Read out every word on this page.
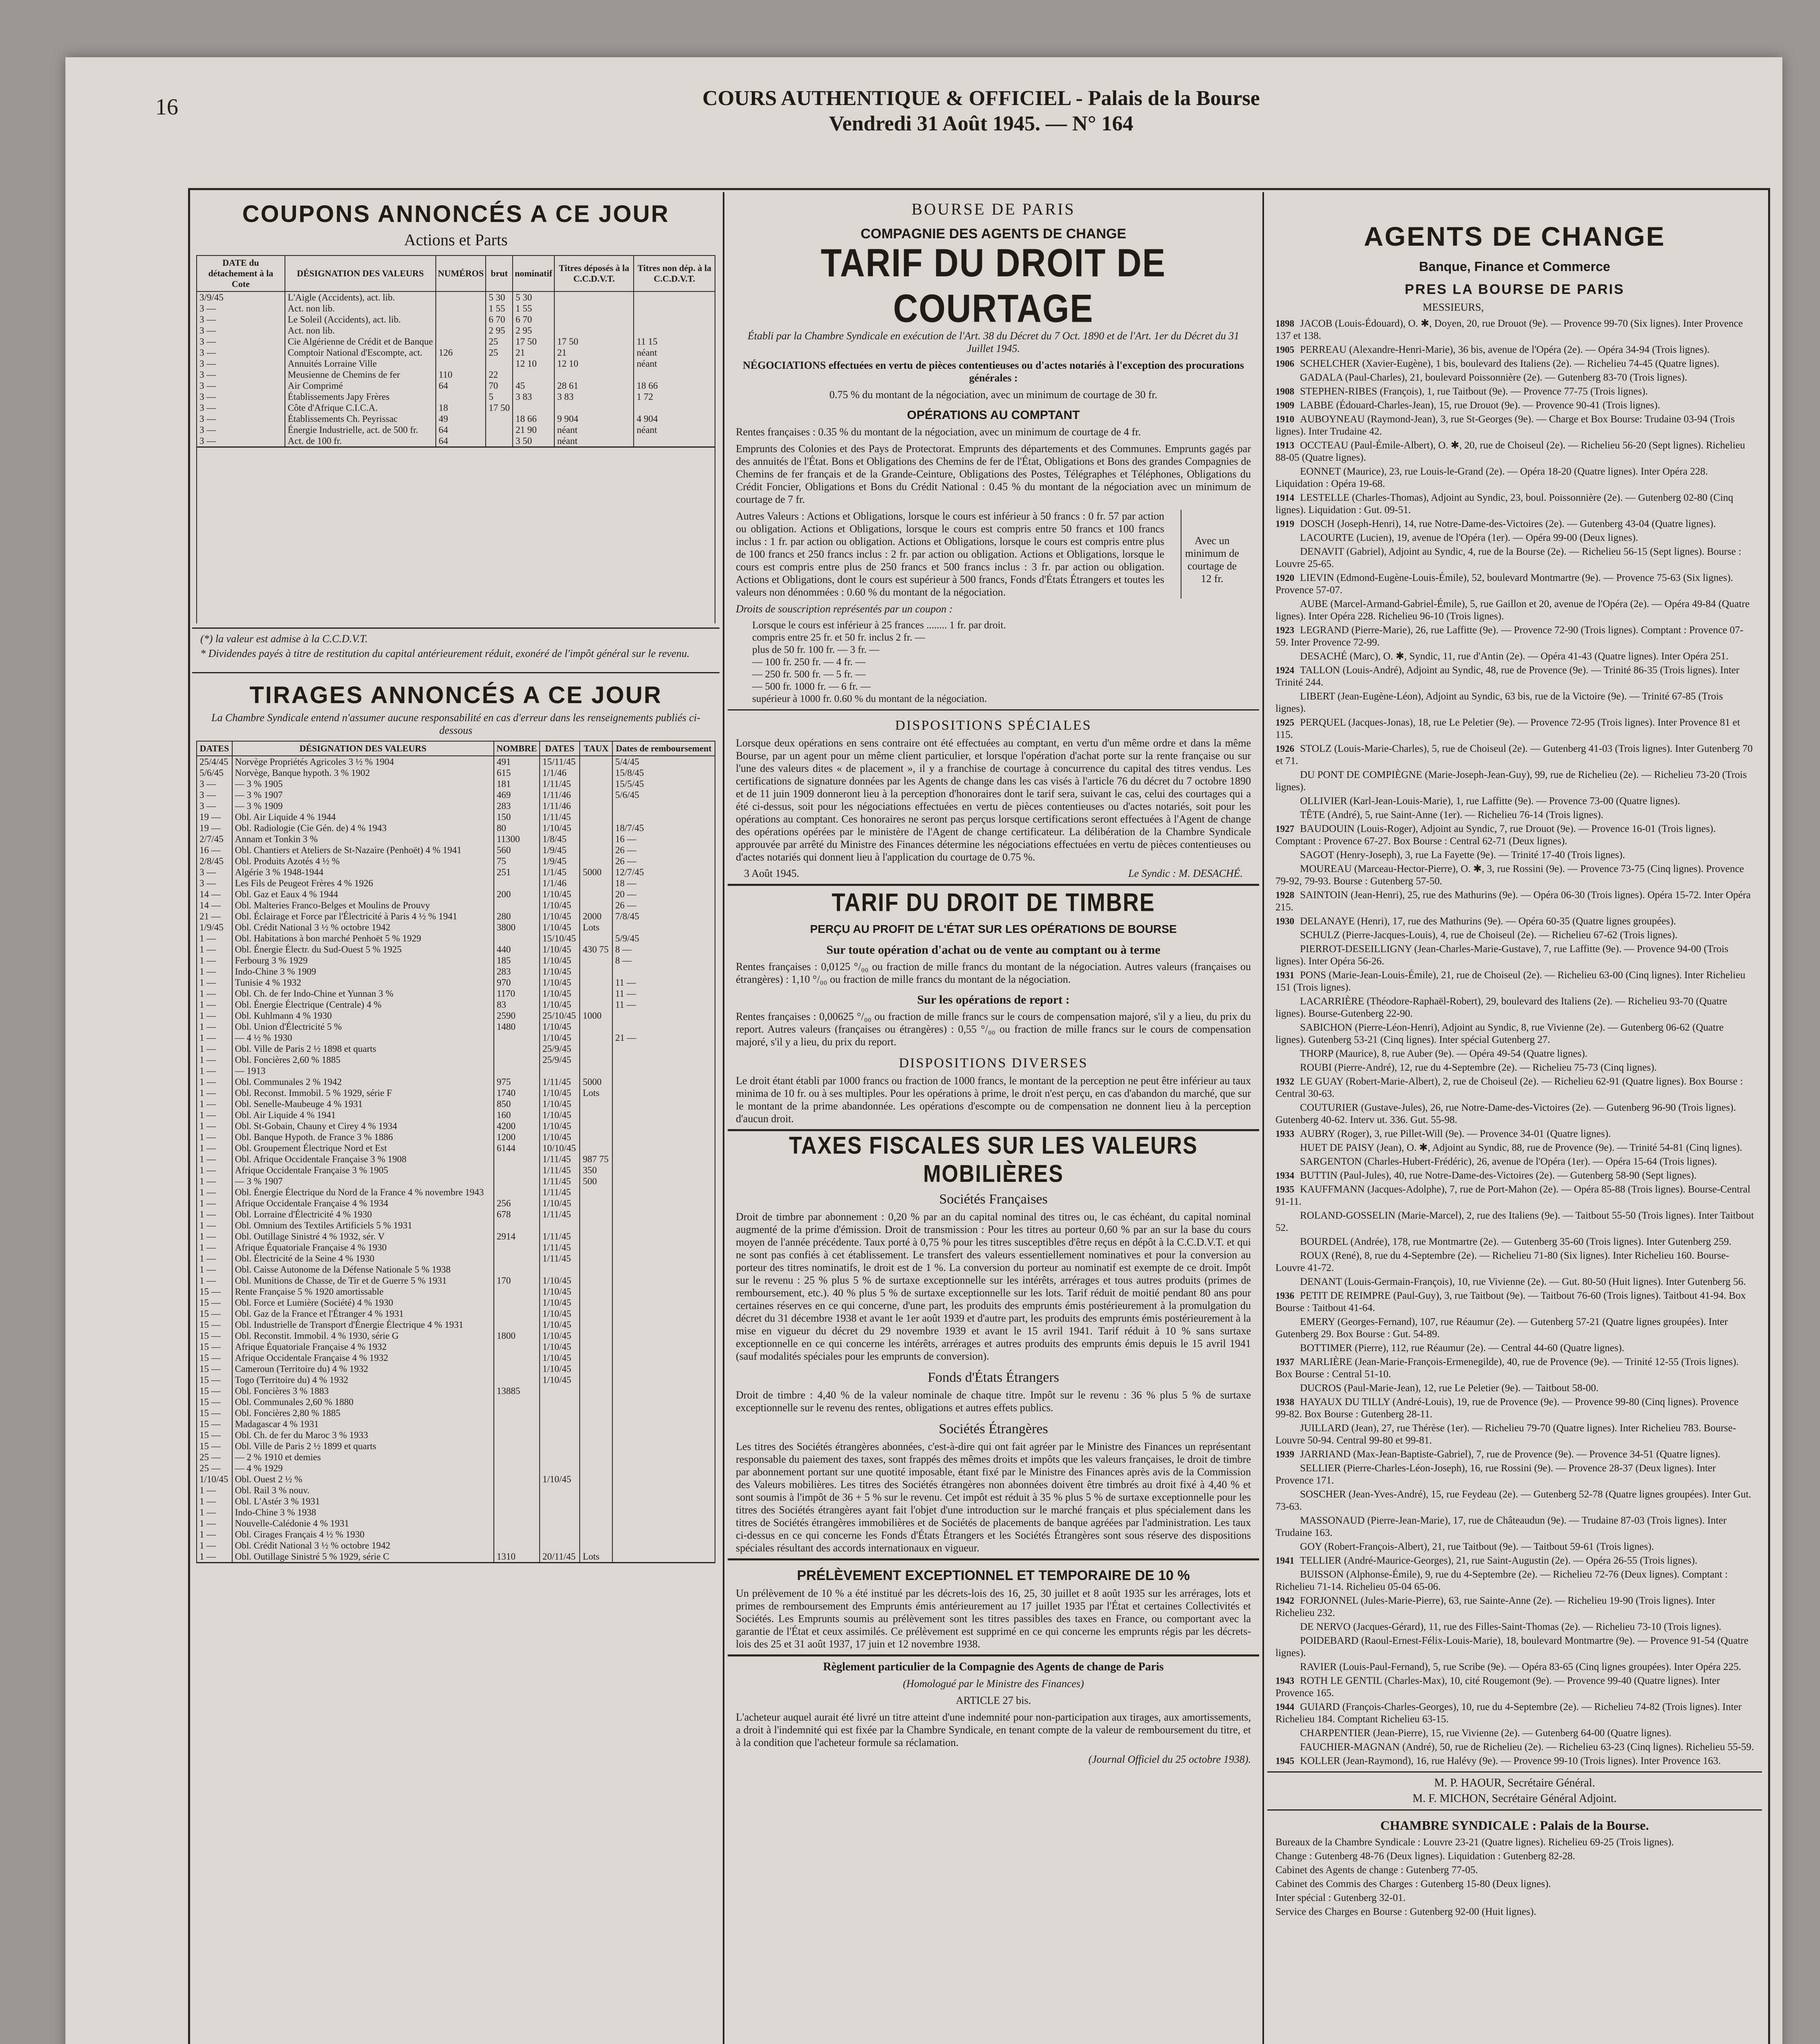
16	COURS AUTHENTIQUE & OFFICIEL - Palais de la Bourse
Vendredi 31 Août 1945. — N° 164
COUPONS ANNONCÉS A CE JOUR
Actions et Parts
DATE du détachement à la Cote	DÉSIGNATION DES VALEURS	NUMÉROS	brut	nominatif	Titres déposés à la C.C.D.V.T.	Titres non dép. à la C.C.D.V.T.
3/9/45	L'Aigle (Accidents), act. lib.		5 30	5 30		
3 —	Act. non lib.		1 55	1 55		
3 —	Le Soleil (Accidents), act. lib.		6 70	6 70		
3 —	Act. non lib.		2 95	2 95		
3 —	Cie Algérienne de Crédit et de Banque		25	17 50	17 50	11 15
3 —	Comptoir National d'Escompte, act.	126	25	21	21	néant
3 —	Annuités Lorraine Ville			12 10	12 10	néant
3 —	Meusienne de Chemins de fer	110	22			
3 —	Air Comprimé	64	70	45	28 61	18 66
3 —	Établissements Japy Frères		5	3 83	3 83	1 72
3 —	Côte d'Afrique C.I.C.A.	18	17 50			
3 —	Établissements Ch. Peyrissac	49		18 66	9 904	4 904
3 —	Énergie Industrielle, act. de 500 fr.	64		21 90	néant	néant
3 —	Act. de 100 fr.	64		3 50	néant	
(*) la valeur est admise à la C.C.D.V.T.
* Dividendes payés à titre de restitution du capital antérieurement réduit, exonéré de l'impôt général sur le revenu.
TIRAGES ANNONCÉS A CE JOUR
La Chambre Syndicale entend n'assumer aucune responsabilité en cas d'erreur dans les renseignements publiés ci-dessous
DATES	DÉSIGNATION DES VALEURS	NOMBRE	DATES	TAUX	Dates de remboursement
25/4/45	Norvège Propriétés Agricoles 3 ½ % 1904	491	15/11/45		5/4/45
5/6/45	Norvège, Banque hypoth. 3 % 1902	615	1/1/46		15/8/45
3 —	— 3 % 1905	181	1/11/45		15/5/45
3 —	— 3 % 1907	469	1/11/46		5/6/45
3 —	— 3 % 1909	283	1/11/46		
19 —	Obl. Air Liquide 4 % 1944	150	1/11/45		
19 —	Obl. Radiologie (Cie Gén. de) 4 % 1943	80	1/10/45		18/7/45
2/7/45	Annam et Tonkin 3 %	11300	1/8/45		16 —
16 —	Obl. Chantiers et Ateliers de St-Nazaire (Penhoët) 4 % 1941	560	1/9/45		26 —
2/8/45	Obl. Produits Azotés 4 ½ %	75	1/9/45		26 —
3 —	Algérie 3 % 1948-1944	251	1/1/45	5000	12/7/45
3 —	Les Fils de Peugeot Frères 4 % 1926		1/1/46		18 —
14 —	Obl. Gaz et Eaux 4 % 1944	200	1/10/45		20 —
14 —	Obl. Malteries Franco-Belges et Moulins de Prouvy		1/10/45		26 —
21 —	Obl. Éclairage et Force par l'Électricité à Paris 4 ½ % 1941	280	1/10/45	2000	7/8/45
1/9/45	Obl. Crédit National 3 ½ % octobre 1942	3800	1/10/45	Lots	
1 —	Obl. Habitations à bon marché Penhoët 5 % 1929		15/10/45		5/9/45
1 —	Obl. Énergie Électr. du Sud-Ouest 5 % 1925	440	1/10/45	430 75	8 —
1 —	Ferbourg 3 % 1929	185	1/10/45		8 —
1 —	Indo-Chine 3 % 1909	283	1/10/45		
1 —	Tunisie 4 % 1932	970	1/10/45		11 —
1 —	Obl. Ch. de fer Indo-Chine et Yunnan 3 %	1170	1/10/45		11 —
1 —	Obl. Énergie Électrique (Centrale) 4 %	83	1/10/45		11 —
1 —	Obl. Kuhlmann 4 % 1930	2590	25/10/45	1000	
1 —	Obl. Union d'Électricité 5 %	1480	1/10/45		
1 —	— 4 ½ % 1930		1/10/45		21 —
1 —	Obl. Ville de Paris 2 ½ 1898 et quarts		25/9/45		
1 —	Obl. Foncières 2,60 % 1885		25/9/45		
1 —	— 1913				
1 —	Obl. Communales 2 % 1942	975	1/11/45	5000	
1 —	Obl. Reconst. Immobil. 5 % 1929, série F	1740	1/10/45	Lots	
1 —	Obl. Senelle-Maubeuge 4 % 1931	850	1/10/45		
1 —	Obl. Air Liquide 4 % 1941	160	1/10/45		
1 —	Obl. St-Gobain, Chauny et Cirey 4 % 1934	4200	1/10/45		
1 —	Obl. Banque Hypoth. de France 3 % 1886	1200	1/10/45		
1 —	Obl. Groupement Électrique Nord et Est	6144	10/10/45		
1 —	Obl. Afrique Occidentale Française 3 % 1908		1/11/45	987 75	
1 —	Afrique Occidentale Française 3 % 1905		1/11/45	350	
1 —	— 3 % 1907		1/11/45	500	
1 —	Obl. Énergie Électrique du Nord de la France 4 % novembre 1943		1/11/45		
1 —	Afrique Occidentale Française 4 % 1934	256	1/10/45		
1 —	Obl. Lorraine d'Électricité 4 % 1930	678	1/11/45		
1 —	Obl. Omnium des Textiles Artificiels 5 % 1931				
1 —	Obl. Outillage Sinistré 4 % 1932, sér. V	2914	1/11/45		
1 —	Afrique Équatoriale Française 4 % 1930		1/11/45		
1 —	Obl. Électricité de la Seine 4 % 1930		1/11/45		
1 —	Obl. Caisse Autonome de la Défense Nationale 5 % 1938				
1 —	Obl. Munitions de Chasse, de Tir et de Guerre 5 % 1931	170	1/10/45		
15 —	Rente Française 5 % 1920 amortissable		1/10/45		
15 —	Obl. Force et Lumière (Société) 4 % 1930		1/10/45		
15 —	Obl. Gaz de la France et l'Étranger 4 % 1931		1/10/45		
15 —	Obl. Industrielle de Transport d'Énergie Électrique 4 % 1931		1/10/45		
15 —	Obl. Reconstit. Immobil. 4 % 1930, série G	1800	1/10/45		
15 —	Afrique Équatoriale Française 4 % 1932		1/10/45		
15 —	Afrique Occidentale Française 4 % 1932		1/10/45		
15 —	Cameroun (Territoire du) 4 % 1932		1/10/45		
15 —	Togo (Territoire du) 4 % 1932		1/10/45		
15 —	Obl. Foncières 3 % 1883	13885			
15 —	Obl. Communales 2,60 % 1880				
15 —	Obl. Foncières 2,80 % 1885				
15 —	Madagascar 4 % 1931				
15 —	Obl. Ch. de fer du Maroc 3 % 1933				
15 —	Obl. Ville de Paris 2 ½ 1899 et quarts				
25 —	— 2 % 1910 et demies				
25 —	— 4 % 1929				
1/10/45	Obl. Ouest 2 ½ %		1/10/45		
1 —	Obl. Rail 3 % nouv.				
1 —	Obl. L'Astér 3 % 1931				
1 —	Indo-Chine 3 % 1938				
1 —	Nouvelle-Calédonie 4 % 1931				
1 —	Obl. Cirages Français 4 ½ % 1930				
1 —	Obl. Crédit National 3 ½ % octobre 1942				
1 —	Obl. Outillage Sinistré 5 % 1929, série C	1310	20/11/45	Lots	
BOURSE DE PARIS
COMPAGNIE DES AGENTS DE CHANGE
TARIF DU DROIT DE COURTAGE
Établi par la Chambre Syndicale en exécution de l'Art. 38 du Décret du 7 Oct. 1890 et de l'Art. 1er du Décret du 31 Juillet 1945.
NÉGOCIATIONS effectuées en vertu de pièces contentieuses ou d'actes notariés à l'exception des procurations générales :
0.75 % du montant de la négociation, avec un minimum de courtage de 30 fr.
OPÉRATIONS AU COMPTANT
Rentes françaises : 0.35 % du montant de la négociation, avec un minimum de courtage de 4 fr.
Emprunts des Colonies et des Pays de Protectorat. Emprunts des départements et des Communes. Emprunts gagés par des annuités de l'État. Bons et Obligations des Chemins de fer de l'État, Obligations et Bons des grandes Compagnies de Chemins de fer français et de la Grande-Ceinture, Obligations des Postes, Télégraphes et Téléphones, Obligations du Crédit Foncier, Obligations et Bons du Crédit National : 0.45 % du montant de la négociation avec un minimum de courtage de 7 fr.
Autres Valeurs : Actions et Obligations, lorsque le cours est inférieur à 50 francs : 0 fr. 57 par action ou obligation. Actions et Obligations, lorsque le cours est compris entre 50 francs et 100 francs inclus : 1 fr. par action ou obligation. Actions et Obligations, lorsque le cours est compris entre plus de 100 francs et 250 francs inclus : 2 fr. par action ou obligation. Actions et Obligations, lorsque le cours est compris entre plus de 250 francs et 500 francs inclus : 3 fr. par action ou obligation. Actions et Obligations, dont le cours est supérieur à 500 francs, Fonds d'États Étrangers et toutes les valeurs non dénommées : 0.60 % du montant de la négociation.
Avec un minimum de courtage de 12 fr.
Droits de souscription représentés par un coupon :
Lorsque le cours est inférieur à 25 frances ........ 1 fr. par droit.
compris entre 25 fr. et 50 fr. inclus 2 fr. —
plus de 50 fr. 100 fr. — 3 fr. —
— 100 fr. 250 fr. — 4 fr. —
— 250 fr. 500 fr. — 5 fr. —
— 500 fr. 1000 fr. — 6 fr. —
supérieur à 1000 fr. 0.60 % du montant de la négociation.
DISPOSITIONS SPÉCIALES
Lorsque deux opérations en sens contraire ont été effectuées au comptant, en vertu d'un même ordre et dans la même Bourse, par un agent pour un même client particulier, et lorsque l'opération d'achat porte sur la rente française ou sur l'une des valeurs dites « de placement », il y a franchise de courtage à concurrence du capital des titres vendus. Les certifications de signature données par les Agents de change dans les cas visés à l'article 76 du décret du 7 octobre 1890 et de 11 juin 1909 donneront lieu à la perception d'honoraires dont le tarif sera, suivant le cas, celui des courtages qui a été ci-dessus, soit pour les négociations effectuées en vertu de pièces contentieuses ou d'actes notariés, soit pour les opérations au comptant. Ces honoraires ne seront pas perçus lorsque certifications seront effectuées à l'Agent de change des opérations opérées par le ministère de l'Agent de change certificateur. La délibération de la Chambre Syndicale approuvée par arrêté du Ministre des Finances détermine les négociations effectuées en vertu de pièces contentieuses ou d'actes notariés qui donnent lieu à l'application du courtage de 0.75 %.
3 Août 1945.	Le Syndic : M. DESACHÉ.
TARIF DU DROIT DE TIMBRE
PERÇU AU PROFIT DE L'ÉTAT SUR LES OPÉRATIONS DE BOURSE
Sur toute opération d'achat ou de vente au comptant ou à terme
Rentes françaises : 0,0125 °/₀₀ ou fraction de mille francs du montant de la négociation. Autres valeurs (françaises ou étrangères) : 1,10 °/₀₀ ou fraction de mille francs du montant de la négociation.
Sur les opérations de report :
Rentes françaises : 0,00625 °/₀₀ ou fraction de mille francs sur le cours de compensation majoré, s'il y a lieu, du prix du report. Autres valeurs (françaises ou étrangères) : 0,55 °/₀₀ ou fraction de mille francs sur le cours de compensation majoré, s'il y a lieu, du prix du report.
DISPOSITIONS DIVERSES
Le droit étant établi par 1000 francs ou fraction de 1000 francs, le montant de la perception ne peut être inférieur au taux minima de 10 fr. ou à ses multiples. Pour les opérations à prime, le droit n'est perçu, en cas d'abandon du marché, que sur le montant de la prime abandonnée. Les opérations d'escompte ou de compensation ne donnent lieu à la perception d'aucun droit.
TAXES FISCALES SUR LES VALEURS MOBILIÈRES
Sociétés Françaises
Droit de timbre par abonnement : 0,20 % par an du capital nominal des titres ou, le cas échéant, du capital nominal augmenté de la prime d'émission. Droit de transmission : Pour les titres au porteur 0,60 % par an sur la base du cours moyen de l'année précédente. Taux porté à 0,75 % pour les titres susceptibles d'être reçus en dépôt à la C.C.D.V.T. et qui ne sont pas confiés à cet établissement. Le transfert des valeurs essentiellement nominatives et pour la conversion au porteur des titres nominatifs, le droit est de 1 %. La conversion du porteur au nominatif est exempte de ce droit. Impôt sur le revenu : 25 % plus 5 % de surtaxe exceptionnelle sur les intérêts, arrérages et tous autres produits (primes de remboursement, etc.). 40 % plus 5 % de surtaxe exceptionnelle sur les lots. Tarif réduit de moitié pendant 80 ans pour certaines réserves en ce qui concerne, d'une part, les produits des emprunts émis postérieurement à la promulgation du décret du 31 décembre 1938 et avant le 1er août 1939 et d'autre part, les produits des emprunts émis postérieurement à la mise en vigueur du décret du 29 novembre 1939 et avant le 15 avril 1941. Tarif réduit à 10 % sans surtaxe exceptionnelle en ce qui concerne les intérêts, arrérages et autres produits des emprunts émis depuis le 15 avril 1941 (sauf modalités spéciales pour les emprunts de conversion).
Fonds d'États Étrangers
Droit de timbre : 4,40 % de la valeur nominale de chaque titre. Impôt sur le revenu : 36 % plus 5 % de surtaxe exceptionnelle sur le revenu des rentes, obligations et autres effets publics.
Sociétés Étrangères
Les titres des Sociétés étrangères abonnées, c'est-à-dire qui ont fait agréer par le Ministre des Finances un représentant responsable du paiement des taxes, sont frappés des mêmes droits et impôts que les valeurs françaises, le droit de timbre par abonnement portant sur une quotité imposable, étant fixé par le Ministre des Finances après avis de la Commission des Valeurs mobilières. Les titres des Sociétés étrangères non abonnées doivent être timbrés au droit fixé à 4,40 % et sont soumis à l'impôt de 36 + 5 % sur le revenu. Cet impôt est réduit à 35 % plus 5 % de surtaxe exceptionnelle pour les titres des Sociétés étrangères ayant fait l'objet d'une introduction sur le marché français et plus spécialement dans les titres de Sociétés étrangères immobilières et de Sociétés de placements de banque agréées par l'administration. Les taux ci-dessus en ce qui concerne les Fonds d'États Étrangers et les Sociétés Étrangères sont sous réserve des dispositions spéciales résultant des accords internationaux en vigueur.
PRÉLÈVEMENT EXCEPTIONNEL ET TEMPORAIRE DE 10 %
Un prélèvement de 10 % a été institué par les décrets-lois des 16, 25, 30 juillet et 8 août 1935 sur les arrérages, lots et primes de remboursement des Emprunts émis antérieurement au 17 juillet 1935 par l'État et certaines Collectivités et Sociétés. Les Emprunts soumis au prélèvement sont les titres passibles des taxes en France, ou comportant avec la garantie de l'État et ceux assimilés. Ce prélèvement est supprimé en ce qui concerne les emprunts régis par les décrets-lois des 25 et 31 août 1937, 17 juin et 12 novembre 1938.
Règlement particulier de la Compagnie des Agents de change de Paris
(Homologué par le Ministre des Finances)
ARTICLE 27 bis.
L'acheteur auquel aurait été livré un titre atteint d'une indemnité pour non-participation aux tirages, aux amortissements, a droit à l'indemnité qui est fixée par la Chambre Syndicale, en tenant compte de la valeur de remboursement du titre, et à la condition que l'acheteur formule sa réclamation.
(Journal Officiel du 25 octobre 1938).
AGENTS DE CHANGE
Banque, Finance et Commerce
PRES LA BOURSE DE PARIS
MESSIEURS,
1898 JACOB (Louis-Édouard), O. ✱, Doyen, 20, rue Drouot (9e). — Provence 99-70 (Six lignes). Inter Provence 137 et 138.
1905 PERREAU (Alexandre-Henri-Marie), 36 bis, avenue de l'Opéra (2e). — Opéra 34-94 (Trois lignes).
1906 SCHELCHER (Xavier-Eugène), 1 bis, boulevard des Italiens (2e). — Richelieu 74-45 (Quatre lignes).
GADALA (Paul-Charles), 21, boulevard Poissonnière (2e). — Gutenberg 83-70 (Trois lignes).
1908 STEPHEN-RIBES (François), 1, rue Taitbout (9e). — Provence 77-75 (Trois lignes).
1909 LABBE (Édouard-Charles-Jean), 15, rue Drouot (9e). — Provence 90-41 (Trois lignes).
1910 AUBOYNEAU (Raymond-Jean), 3, rue St-Georges (9e). — Charge et Box Bourse: Trudaine 03-94 (Trois lignes). Inter Trudaine 42.
1913 OCCTEAU (Paul-Émile-Albert), O. ✱, 20, rue de Choiseul (2e). — Richelieu 56-20 (Sept lignes). Richelieu 88-05 (Quatre lignes).
EONNET (Maurice), 23, rue Louis-le-Grand (2e). — Opéra 18-20 (Quatre lignes). Inter Opéra 228. Liquidation : Opéra 19-68.
1914 LESTELLE (Charles-Thomas), Adjoint au Syndic, 23, boul. Poissonnière (2e). — Gutenberg 02-80 (Cinq lignes). Liquidation : Gut. 09-51.
1919 DOSCH (Joseph-Henri), 14, rue Notre-Dame-des-Victoires (2e). — Gutenberg 43-04 (Quatre lignes).
LACOURTE (Lucien), 19, avenue de l'Opéra (1er). — Opéra 99-00 (Deux lignes).
DENAVIT (Gabriel), Adjoint au Syndic, 4, rue de la Bourse (2e). — Richelieu 56-15 (Sept lignes). Bourse : Louvre 25-65.
1920 LIEVIN (Edmond-Eugène-Louis-Émile), 52, boulevard Montmartre (9e). — Provence 75-63 (Six lignes). Provence 57-07.
AUBE (Marcel-Armand-Gabriel-Émile), 5, rue Gaillon et 20, avenue de l'Opéra (2e). — Opéra 49-84 (Quatre lignes). Inter Opéra 228. Richelieu 96-10 (Trois lignes).
1923 LEGRAND (Pierre-Marie), 26, rue Laffitte (9e). — Provence 72-90 (Trois lignes). Comptant : Provence 07-59. Inter Provence 72-99.
DESACHÉ (Marc), O. ✱, Syndic, 11, rue d'Antin (2e). — Opéra 41-43 (Quatre lignes). Inter Opéra 251.
1924 TALLON (Louis-André), Adjoint au Syndic, 48, rue de Provence (9e). — Trinité 86-35 (Trois lignes). Inter Trinité 244.
LIBERT (Jean-Eugène-Léon), Adjoint au Syndic, 63 bis, rue de la Victoire (9e). — Trinité 67-85 (Trois lignes).
1925 PERQUEL (Jacques-Jonas), 18, rue Le Peletier (9e). — Provence 72-95 (Trois lignes). Inter Provence 81 et 115.
1926 STOLZ (Louis-Marie-Charles), 5, rue de Choiseul (2e). — Gutenberg 41-03 (Trois lignes). Inter Gutenberg 70 et 71.
DU PONT DE COMPIÈGNE (Marie-Joseph-Jean-Guy), 99, rue de Richelieu (2e). — Richelieu 73-20 (Trois lignes).
OLLIVIER (Karl-Jean-Louis-Marie), 1, rue Laffitte (9e). — Provence 73-00 (Quatre lignes).
TÊTE (André), 5, rue Saint-Anne (1er). — Richelieu 76-14 (Trois lignes).
1927 BAUDOUIN (Louis-Roger), Adjoint au Syndic, 7, rue Drouot (9e). — Provence 16-01 (Trois lignes). Comptant : Provence 67-27. Box Bourse : Central 62-71 (Deux lignes).
SAGOT (Henry-Joseph), 3, rue La Fayette (9e). — Trinité 17-40 (Trois lignes).
MOUREAU (Marceau-Hector-Pierre), O. ✱, 3, rue Rossini (9e). — Provence 73-75 (Cinq lignes). Provence 79-92, 79-93. Bourse : Gutenberg 57-50.
1928 SAINTOIN (Jean-Henri), 25, rue des Mathurins (9e). — Opéra 06-30 (Trois lignes). Opéra 15-72. Inter Opéra 215.
1930 DELANAYE (Henri), 17, rue des Mathurins (9e). — Opéra 60-35 (Quatre lignes groupées).
SCHULZ (Pierre-Jacques-Louis), 4, rue de Choiseul (2e). — Richelieu 67-62 (Trois lignes).
PIERROT-DESEILLIGNY (Jean-Charles-Marie-Gustave), 7, rue Laffitte (9e). — Provence 94-00 (Trois lignes). Inter Opéra 56-26.
1931 PONS (Marie-Jean-Louis-Émile), 21, rue de Choiseul (2e). — Richelieu 63-00 (Cinq lignes). Inter Richelieu 151 (Trois lignes).
LACARRIÈRE (Théodore-Raphaël-Robert), 29, boulevard des Italiens (2e). — Richelieu 93-70 (Quatre lignes). Bourse-Gutenberg 22-90.
SABICHON (Pierre-Léon-Henri), Adjoint au Syndic, 8, rue Vivienne (2e). — Gutenberg 06-62 (Quatre lignes). Gutenberg 53-21 (Cinq lignes). Inter spécial Gutenberg 27.
THORP (Maurice), 8, rue Auber (9e). — Opéra 49-54 (Quatre lignes).
ROUBI (Pierre-André), 12, rue du 4-Septembre (2e). — Richelieu 75-73 (Cinq lignes).
1932 LE GUAY (Robert-Marie-Albert), 2, rue de Choiseul (2e). — Richelieu 62-91 (Quatre lignes). Box Bourse : Central 30-63.
COUTURIER (Gustave-Jules), 26, rue Notre-Dame-des-Victoires (2e). — Gutenberg 96-90 (Trois lignes). Gutenberg 40-62. Interv ut. 336. Gut. 55-98.
1933 AUBRY (Roger), 3, rue Pillet-Will (9e). — Provence 34-01 (Quatre lignes).
HUET DE PAISY (Jean), O. ✱, Adjoint au Syndic, 88, rue de Provence (9e). — Trinité 54-81 (Cinq lignes).
SARGENTON (Charles-Hubert-Frédéric), 26, avenue de l'Opéra (1er). — Opéra 15-64 (Trois lignes).
1934 BUTTIN (Paul-Jules), 40, rue Notre-Dame-des-Victoires (2e). — Gutenberg 58-90 (Sept lignes).
1935 KAUFFMANN (Jacques-Adolphe), 7, rue de Port-Mahon (2e). — Opéra 85-88 (Trois lignes). Bourse-Central 91-11.
ROLAND-GOSSELIN (Marie-Marcel), 2, rue des Italiens (9e). — Taitbout 55-50 (Trois lignes). Inter Taitbout 52.
BOURDEL (Andrée), 178, rue Montmartre (2e). — Gutenberg 35-60 (Trois lignes). Inter Gutenberg 259.
ROUX (René), 8, rue du 4-Septembre (2e). — Richelieu 71-80 (Six lignes). Inter Richelieu 160. Bourse-Louvre 41-72.
DENANT (Louis-Germain-François), 10, rue Vivienne (2e). — Gut. 80-50 (Huit lignes). Inter Gutenberg 56.
1936 PETIT DE REIMPRE (Paul-Guy), 3, rue Taitbout (9e). — Taitbout 76-60 (Trois lignes). Taitbout 41-94. Box Bourse : Taitbout 41-64.
EMERY (Georges-Fernand), 107, rue Réaumur (2e). — Gutenberg 57-21 (Quatre lignes groupées). Inter Gutenberg 29. Box Bourse : Gut. 54-89.
BOTTIMER (Pierre), 112, rue Réaumur (2e). — Central 44-60 (Quatre lignes).
1937 MARLIÈRE (Jean-Marie-François-Ermenegilde), 40, rue de Provence (9e). — Trinité 12-55 (Trois lignes). Box Bourse : Central 51-10.
DUCROS (Paul-Marie-Jean), 12, rue Le Peletier (9e). — Taitbout 58-00.
1938 HAYAUX DU TILLY (André-Louis), 19, rue de Provence (9e). — Provence 99-80 (Cinq lignes). Provence 99-82. Box Bourse : Gutenberg 28-11.
JUILLARD (Jean), 27, rue Thérèse (1er). — Richelieu 79-70 (Quatre lignes). Inter Richelieu 783. Bourse-Louvre 50-94. Central 99-80 et 99-81.
1939 JARRIAND (Max-Jean-Baptiste-Gabriel), 7, rue de Provence (9e). — Provence 34-51 (Quatre lignes).
SELLIER (Pierre-Charles-Léon-Joseph), 16, rue Rossini (9e). — Provence 28-37 (Deux lignes). Inter Provence 171.
SOSCHER (Jean-Yves-André), 15, rue Feydeau (2e). — Gutenberg 52-78 (Quatre lignes groupées). Inter Gut. 73-63.
MASSONAUD (Pierre-Jean-Marie), 17, rue de Châteaudun (9e). — Trudaine 87-03 (Trois lignes). Inter Trudaine 163.
GOY (Robert-François-Albert), 21, rue Taitbout (9e). — Taitbout 59-61 (Trois lignes).
1941 TELLIER (André-Maurice-Georges), 21, rue Saint-Augustin (2e). — Opéra 26-55 (Trois lignes).
BUISSON (Alphonse-Émile), 9, rue du 4-Septembre (2e). — Richelieu 72-76 (Deux lignes). Comptant : Richelieu 71-14. Richelieu 05-04 65-06.
1942 FORJONNEL (Jules-Marie-Pierre), 63, rue Sainte-Anne (2e). — Richelieu 19-90 (Trois lignes). Inter Richelieu 232.
DE NERVO (Jacques-Gérard), 11, rue des Filles-Saint-Thomas (2e). — Richelieu 73-10 (Trois lignes).
POIDEBARD (Raoul-Ernest-Félix-Louis-Marie), 18, boulevard Montmartre (9e). — Provence 91-54 (Quatre lignes).
RAVIER (Louis-Paul-Fernand), 5, rue Scribe (9e). — Opéra 83-65 (Cinq lignes groupées). Inter Opéra 225.
1943 ROTH LE GENTIL (Charles-Max), 10, cité Rougemont (9e). — Provence 99-40 (Quatre lignes). Inter Provence 165.
1944 GUIARD (François-Charles-Georges), 10, rue du 4-Septembre (2e). — Richelieu 74-82 (Trois lignes). Inter Richelieu 184. Comptant Richelieu 63-15.
CHARPENTIER (Jean-Pierre), 15, rue Vivienne (2e). — Gutenberg 64-00 (Quatre lignes).
FAUCHIER-MAGNAN (André), 50, rue de Richelieu (2e). — Richelieu 63-23 (Cinq lignes). Richelieu 55-59.
1945 KOLLER (Jean-Raymond), 16, rue Halévy (9e). — Provence 99-10 (Trois lignes). Inter Provence 163.
M. P. HAOUR, Secrétaire Général.
M. F. MICHON, Secrétaire Général Adjoint.
CHAMBRE SYNDICALE : Palais de la Bourse.
Bureaux de la Chambre Syndicale : Louvre 23-21 (Quatre lignes). Richelieu 69-25 (Trois lignes).
Change : Gutenberg 48-76 (Deux lignes). Liquidation : Gutenberg 82-28.
Cabinet des Agents de change : Gutenberg 77-05.
Cabinet des Commis des Charges : Gutenberg 15-80 (Deux lignes).
Inter spécial : Gutenberg 32-01.
Service des Charges en Bourse : Gutenberg 92-00 (Huit lignes).
